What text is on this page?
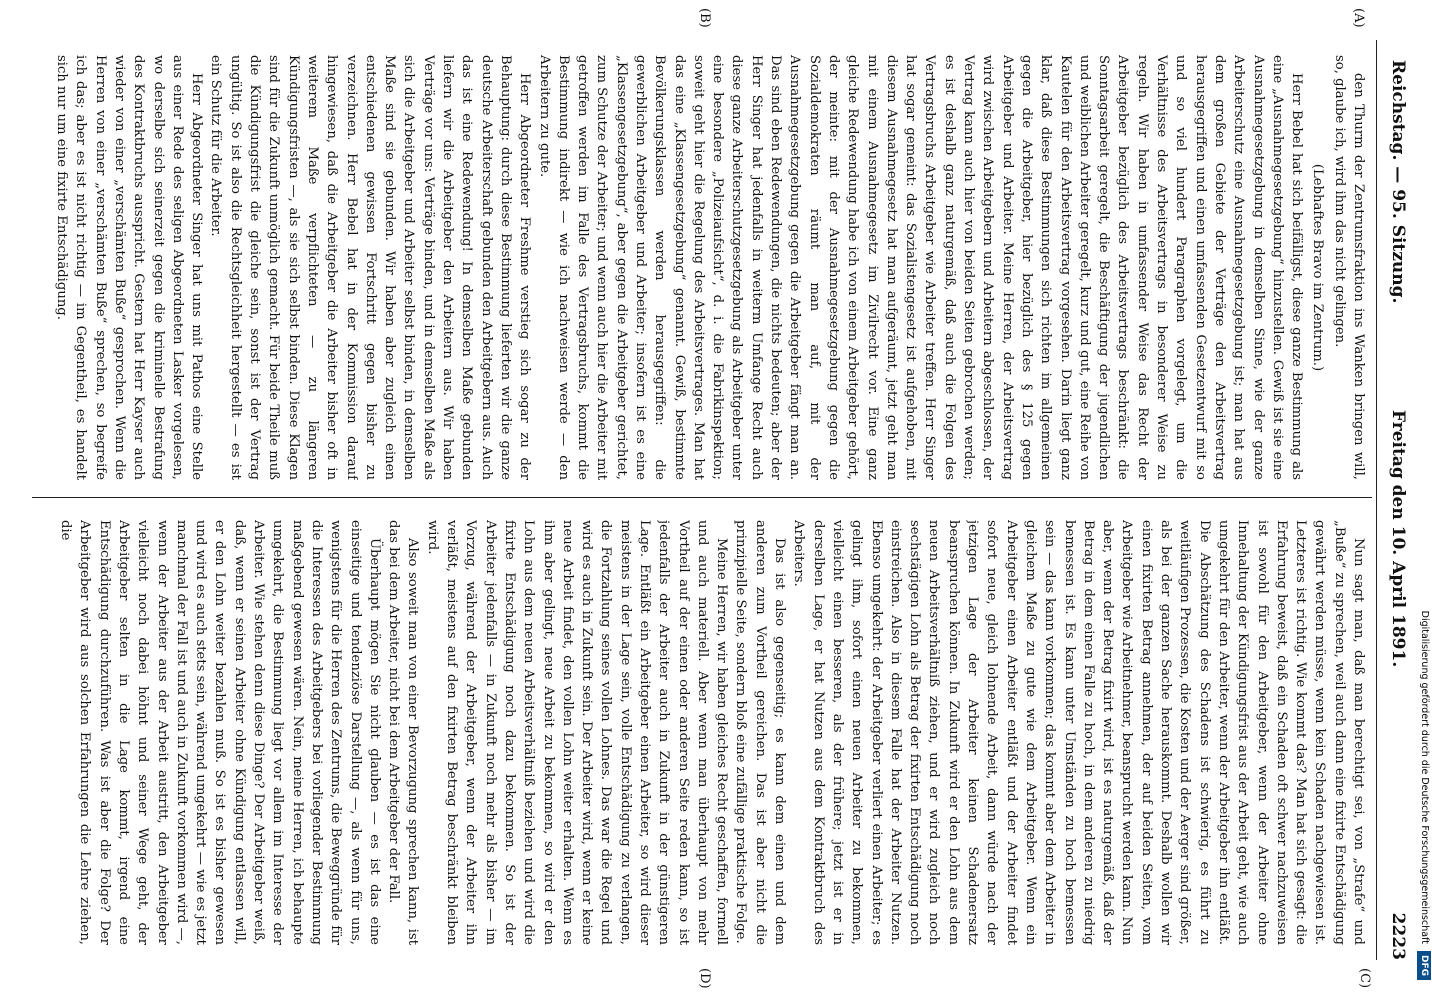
Reichstag. — 95. Sitzung.
Freitag den 10. April 1891.
2223
(A)
(B)
(C)
(D)

den Thurm der Zentrumsfraktion ins Wanken bringen will, so, glaube ich, wird ihm das nicht gelingen.

(Lebhaftes Bravo im Zentrum.)

Herr Bebel hat sich beifälligst, diese ganze Bestimmung als eine „Ausnahmegesetzgebung“ hinzustellen. Gewiß ist sie eine Ausnahmegesetzgebung in demselben Sinne, wie der ganze Arbeiterschutz eine Ausnahmegesetzgebung ist; man hat aus dem großen Gebiete der Verträge den Arbeitsvertrag herausgegriffen und einen umfassenden Gesetzentwurf mit so und so viel hundert Paragraphen vorgelegt, um die Verhältnisse des Arbeitsvertrags in besonderer Weise zu regeln. Wir haben in umfassender Weise das Recht der Arbeitgeber bezüglich des Arbeitsvertrags beschränkt: die Sonntagsarbeit geregelt, die Beschäftigung der jugendlichen und weiblichen Arbeiter geregelt, kurz und gut, eine Reihe von Kautelen für den Arbeitsvertrag vorgesehen. Darin liegt ganz klar, daß diese Bestimmungen sich richten im allgemeinen gegen die Arbeitgeber, hier bezüglich des § 125 gegen Arbeitgeber und Arbeiter. Meine Herren, der Arbeitsvertrag wird zwischen Arbeitgebern und Arbeitern abgeschlossen, der Vertrag kann auch hier von beiden Seiten gebrochen werden; es ist deshalb ganz naturgemäß, daß auch die Folgen des Vertragsbruchs Arbeitgeber wie Arbeiter treffen. Herr Singer hat sogar gemeint: das Sozialistengesetz ist aufgehoben, mit diesem Ausnahmegesetz hat man aufgeräumt, jetzt geht man mit einem Ausnahmegesetz im Zivilrecht vor. Eine ganz gleiche Redewendung habe ich von einem Arbeitgeber gehört, der meinte: mit der Ausnahmegesetzgebung gegen die Sozialdemokraten räumt man auf, mit der Ausnahmegesetzgebung gegen die Arbeitgeber fängt man an. Das sind eben Redewendungen, die nichts bedeuten; aber der Herr Singer hat jedenfalls in weiterm Umfange Recht auch diese ganze Arbeiterschutzgesetzgebung als Arbeitgeber unter eine besondere „Polizeiaufsicht“, d. i. die Fabrikinspektion; soweit geht hier die Regelung des Arbeitsvertrages. Man hat das eine „Klassengesetzgebung“ genannt. Gewiß, bestimmte Bevölkerungsklassen werden herausgegriffen: die gewerblichen Arbeitgeber und Arbeiter; insofern ist es eine „Klassengesetzgebung“, aber gegen die Arbeitgeber gerichtet, zum Schutze der Arbeiter; und wenn auch hier die Arbeiter mit getroffen werden im Falle des Vertragsbruchs, kommt die Bestimmung indirekt — wie ich nachweisen werde — den Arbeitern zu gute.

Herr Abgeordneter Freshme verstieg sich sogar zu der Behauptung: durch diese Bestimmung lieferten wir die ganze deutsche Arbeiterschaft gebunden den Arbeitgebern aus. Auch das ist eine Redewendung! In demselben Maße gebunden liefern wir die Arbeitgeber den Arbeitern aus. Wir haben Verträge vor uns: Verträge binden, und in demselben Maße als sich die Arbeitgeber und Arbeiter selbst binden, in demselben Maße sind sie gebunden. Wir haben aber zugleich einen entschiedenen gewissen Fortschritt gegen bisher zu verzeichnen. Herr Bebel hat in der Kommission darauf hingewiesen, daß die Arbeitgeber die Arbeiter bisher oft in weiterem Maße verpflichteten — zu längeren Kündigungsfristen —, als sie sich selbst binden. Diese Klagen sind für die Zukunft unmöglich gemacht. Für beide Theile muß die Kündigungsfrist die gleiche sein, sonst ist der Vertrag ungültig. So ist also die Rechtsgleichheit hergestellt — es ist ein Schutz für die Arbeiter.

Herr Abgeordneter Singer hat uns mit Pathos eine Stelle aus einer Rede des seligen Abgeordneten Lasker vorgelesen, wo derselbe sich seinerzeit gegen die kriminelle Bestrafung des Kontraktbruchs ausspricht. Gestern hat Herr Kayser auch wieder von einer „verschämten Buße“ gesprochen. Wenn die Herren von einer „verschämten Buße“ sprechen, so begreife ich das; aber es ist nicht richtig — im Gegentheil, es handelt sich nur um eine fixirte Entschädigung.

Nun sagt man, daß man berechtigt sei, von „Strafe“ und „Buße“ zu sprechen, weil auch dann eine fixirte Entschädigung gewährt werden müsse, wenn kein Schaden nachgewiesen ist. Letzteres ist richtig. Wie kommt das? Man hat sich gesagt: die Erfahrung beweist, daß ein Schaden oft schwer nachzuweisen ist sowohl für den Arbeitgeber, wenn der Arbeiter ohne Innehaltung der Kündigungsfrist aus der Arbeit geht, wie auch umgekehrt für den Arbeiter, wenn der Arbeitgeber ihn entläßt. Die Abschätzung des Schadens ist schwierig, es führt zu weitläufigen Prozessen, die Kosten und der Aerger sind größer, als bei der ganzen Sache herauskommt. Deshalb wollen wir einen fixirten Betrag annehmen, der auf beiden Seiten, vom Arbeitgeber wie Arbeitnehmer, beansprucht werden kann. Nun aber, wenn der Betrag fixirt wird, ist es naturgemäß, daß der Betrag in dem einen Falle zu hoch, in dem anderen zu niedrig bemessen ist. Es kann unter Umständen zu hoch bemessen sein — das kann vorkommen; das kommt aber dem Arbeiter in gleichem Maße zu gute wie dem Arbeitgeber. Wenn ein Arbeitgeber einen Arbeiter entläßt und der Arbeiter findet sofort neue, gleich lohnende Arbeit, dann würde nach der jetzigen Lage der Arbeiter keinen Schadenersatz beanspruchen können. In Zukunft wird er den Lohn aus dem neuen Arbeitsverhältniß ziehen, und er wird zugleich noch sechstägigen Lohn als Betrag der fixirten Entschädigung noch einstreichen. Also in diesem Falle hat der Arbeiter Nutzen. Ebenso umgekehrt: der Arbeitgeber verliert einen Arbeiter; es gelingt ihm, sofort einen neuen Arbeiter zu bekommen, vielleicht einen besseren, als der frühere; jetzt ist er in derselben Lage, er hat Nutzen aus dem Kontraktbruch des Arbeiters.

Das ist also gegenseitig; es kann dem einen und dem anderen zum Vortheil gereichen. Das ist aber nicht die prinzipielle Seite, sondern bloß eine zufällige praktische Folge.

Meine Herren, wir haben gleiches Recht geschaffen, formell und auch materiell. Aber wenn man überhaupt von mehr Vortheil auf der einen oder anderen Seite reden kann, so ist jedenfalls der Arbeiter auch in Zukunft in der günstigeren Lage. Entläßt ein Arbeitgeber einen Arbeiter, so wird dieser meistens in der Lage sein, volle Entschädigung zu verlangen, die Fortzahlung seines vollen Lohnes. Das war die Regel und wird es auch in Zukunft sein. Der Arbeiter wird, wenn er keine neue Arbeit findet, den vollen Lohn weiter erhalten. Wenn es ihm aber gelingt, neue Arbeit zu bekommen, so wird er den Lohn aus dem neuen Arbeitsverhältniß beziehen und wird die fixirte Entschädigung noch dazu bekommen. So ist der Arbeiter jedenfalls — in Zukunft noch mehr als bisher — im Vorzug, während der Arbeitgeber, wenn der Arbeiter ihn verläßt, meistens auf den fixirten Betrag beschränkt bleiben wird.

Also soweit man von einer Bevorzugung sprechen kann, ist das bei dem Arbeiter, nicht bei dem Arbeitgeber der Fall.

Überhaupt mögen Sie nicht glauben — es ist das eine einseitige und tendenziöse Darstellung —, als wenn für uns, wenigstens für die Herren des Zentrums, die Beweggründe für die Interessen des Arbeitgebers bei vorliegender Bestimmung maßgebend gewesen wären. Nein, meine Herren, ich behaupte umgekehrt, die Bestimmung liegt vor allem im Interesse der Arbeiter. Wie stehen denn diese Dinge? Der Arbeitgeber weiß, daß, wenn er seinen Arbeiter ohne Kündigung entlassen will, er den Lohn weiter bezahlen muß. So ist es bisher gewesen und wird es auch stets sein, während umgekehrt — wie es jetzt manchmal der Fall ist und auch in Zukunft vorkommen wird —, wenn der Arbeiter aus der Arbeit austritt, den Arbeitgeber vielleicht noch dabei höhnt und seiner Wege geht, der Arbeitgeber selten in die Lage kommt, irgend eine Entschädigung durchzuführen. Was ist aber die Folge? Der Arbeitgeber wird aus solchen Erfahrungen die Lehre ziehen, die

Digitalisierung gefördert durch die Deutsche Forschungsgemeinschaft DFG
